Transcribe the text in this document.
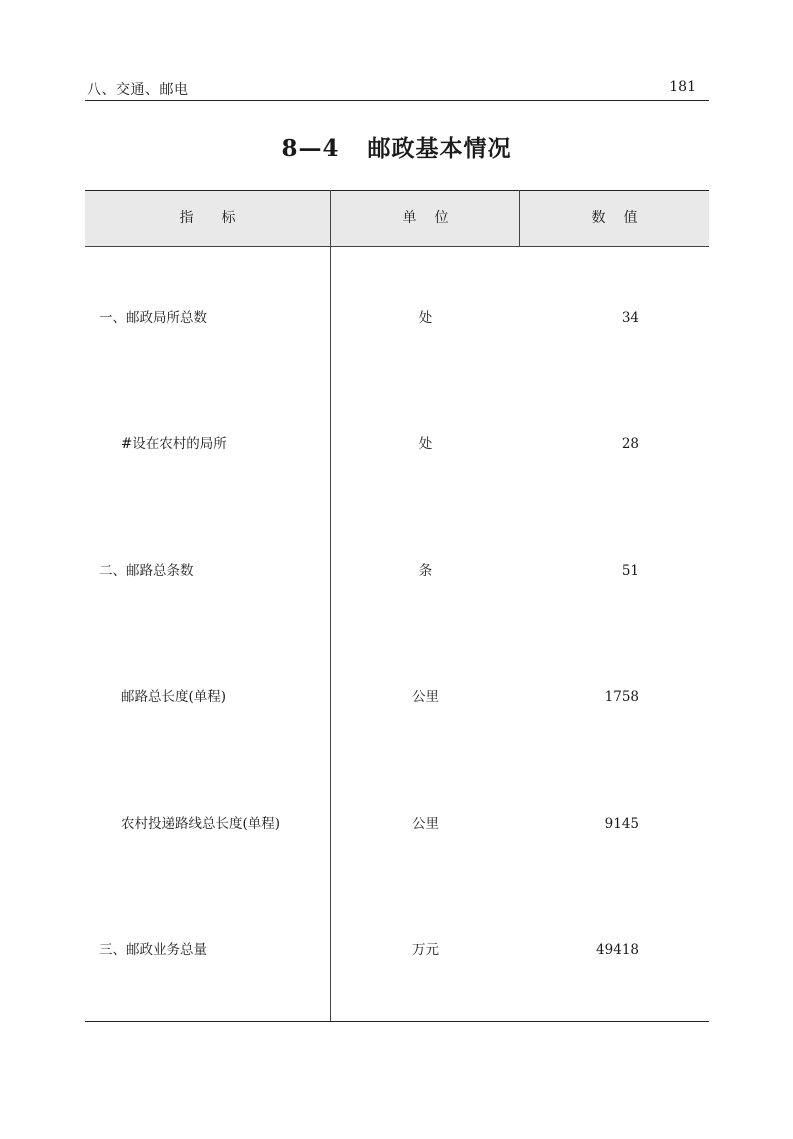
八、交通、邮电	181
8—4 邮政基本情况
指标	单位	数值
一、邮政局所总数	处	34
#设在农村的局所	处	28
二、邮路总条数	条	51
邮路总长度(单程)	公里	1758
农村投递路线总长度(单程)	公里	9145
三、邮政业务总量	万元	49418
